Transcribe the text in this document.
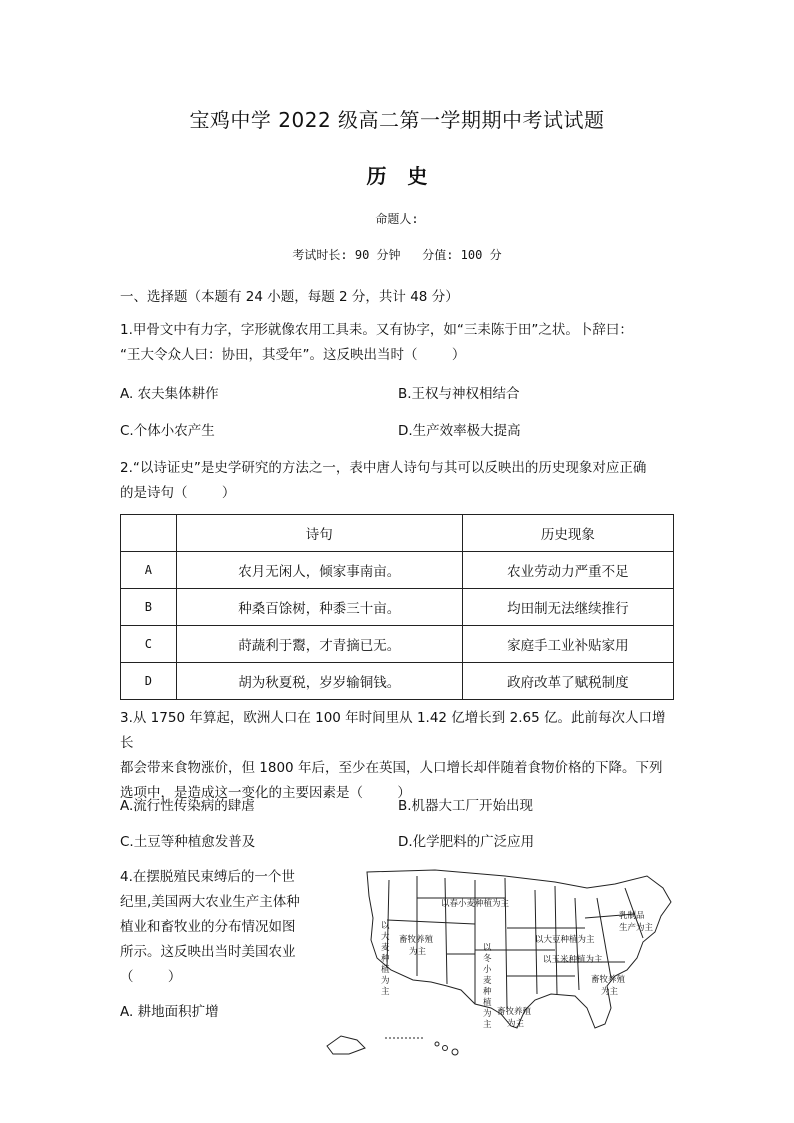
宝鸡中学 2022 级高二第一学期期中考试试题
历   史
命题人:
考试时长: 90 分钟   分值: 100 分
一、选择题（本题有 24 小题，每题 2 分，共计 48 分）
1.甲骨文中有力字，字形就像农用工具耒。又有协字，如“三耒陈于田”之状。卜辞曰：
“王大令众人曰：协田，其受年”。这反映出当时（        ）
A. 农夫集体耕作	B.王权与神权相结合
C.个体小农产生	D.生产效率极大提高
2.“以诗证史”是史学研究的方法之一，表中唐人诗句与其可以反映出的历史现象对应正确
的是诗句（        ）
	诗句	历史现象
A	农月无闲人，倾家事南亩。	农业劳动力严重不足
B	种桑百馀树，种黍三十亩。	均田制无法继续推行
C	莳蔬利于鬻，才青摘已无。	家庭手工业补贴家用
D	胡为秋夏税，岁岁输铜钱。	政府改革了赋税制度
3.从 1750 年算起，欧洲人口在 100 年时间里从 1.42 亿增长到 2.65 亿。此前每次人口增长
都会带来食物涨价，但 1800 年后，至少在英国，人口增长却伴随着食物价格的下降。下列
选项中，是造成这一变化的主要因素是（        ）
A.流行性传染病的肆虐	B.机器大工厂开始出现
C.土豆等种植愈发普及	D.化学肥料的广泛应用
4.在摆脱殖民束缚后的一个世
纪里,美国两大农业生产主体种
植业和畜牧业的分布情况如图
所示。这反映出当时美国农业
（        ）
A. 耕地面积扩增
以春小麦种植为主
乳制品
生产为主
以大豆种植为主
以玉米种植为主
畜牧养殖
为主
畜牧养殖
为主
畜牧养殖
为主
以
大
麦
种
植
为
主
以
冬
小
麦
种
植
为
主
